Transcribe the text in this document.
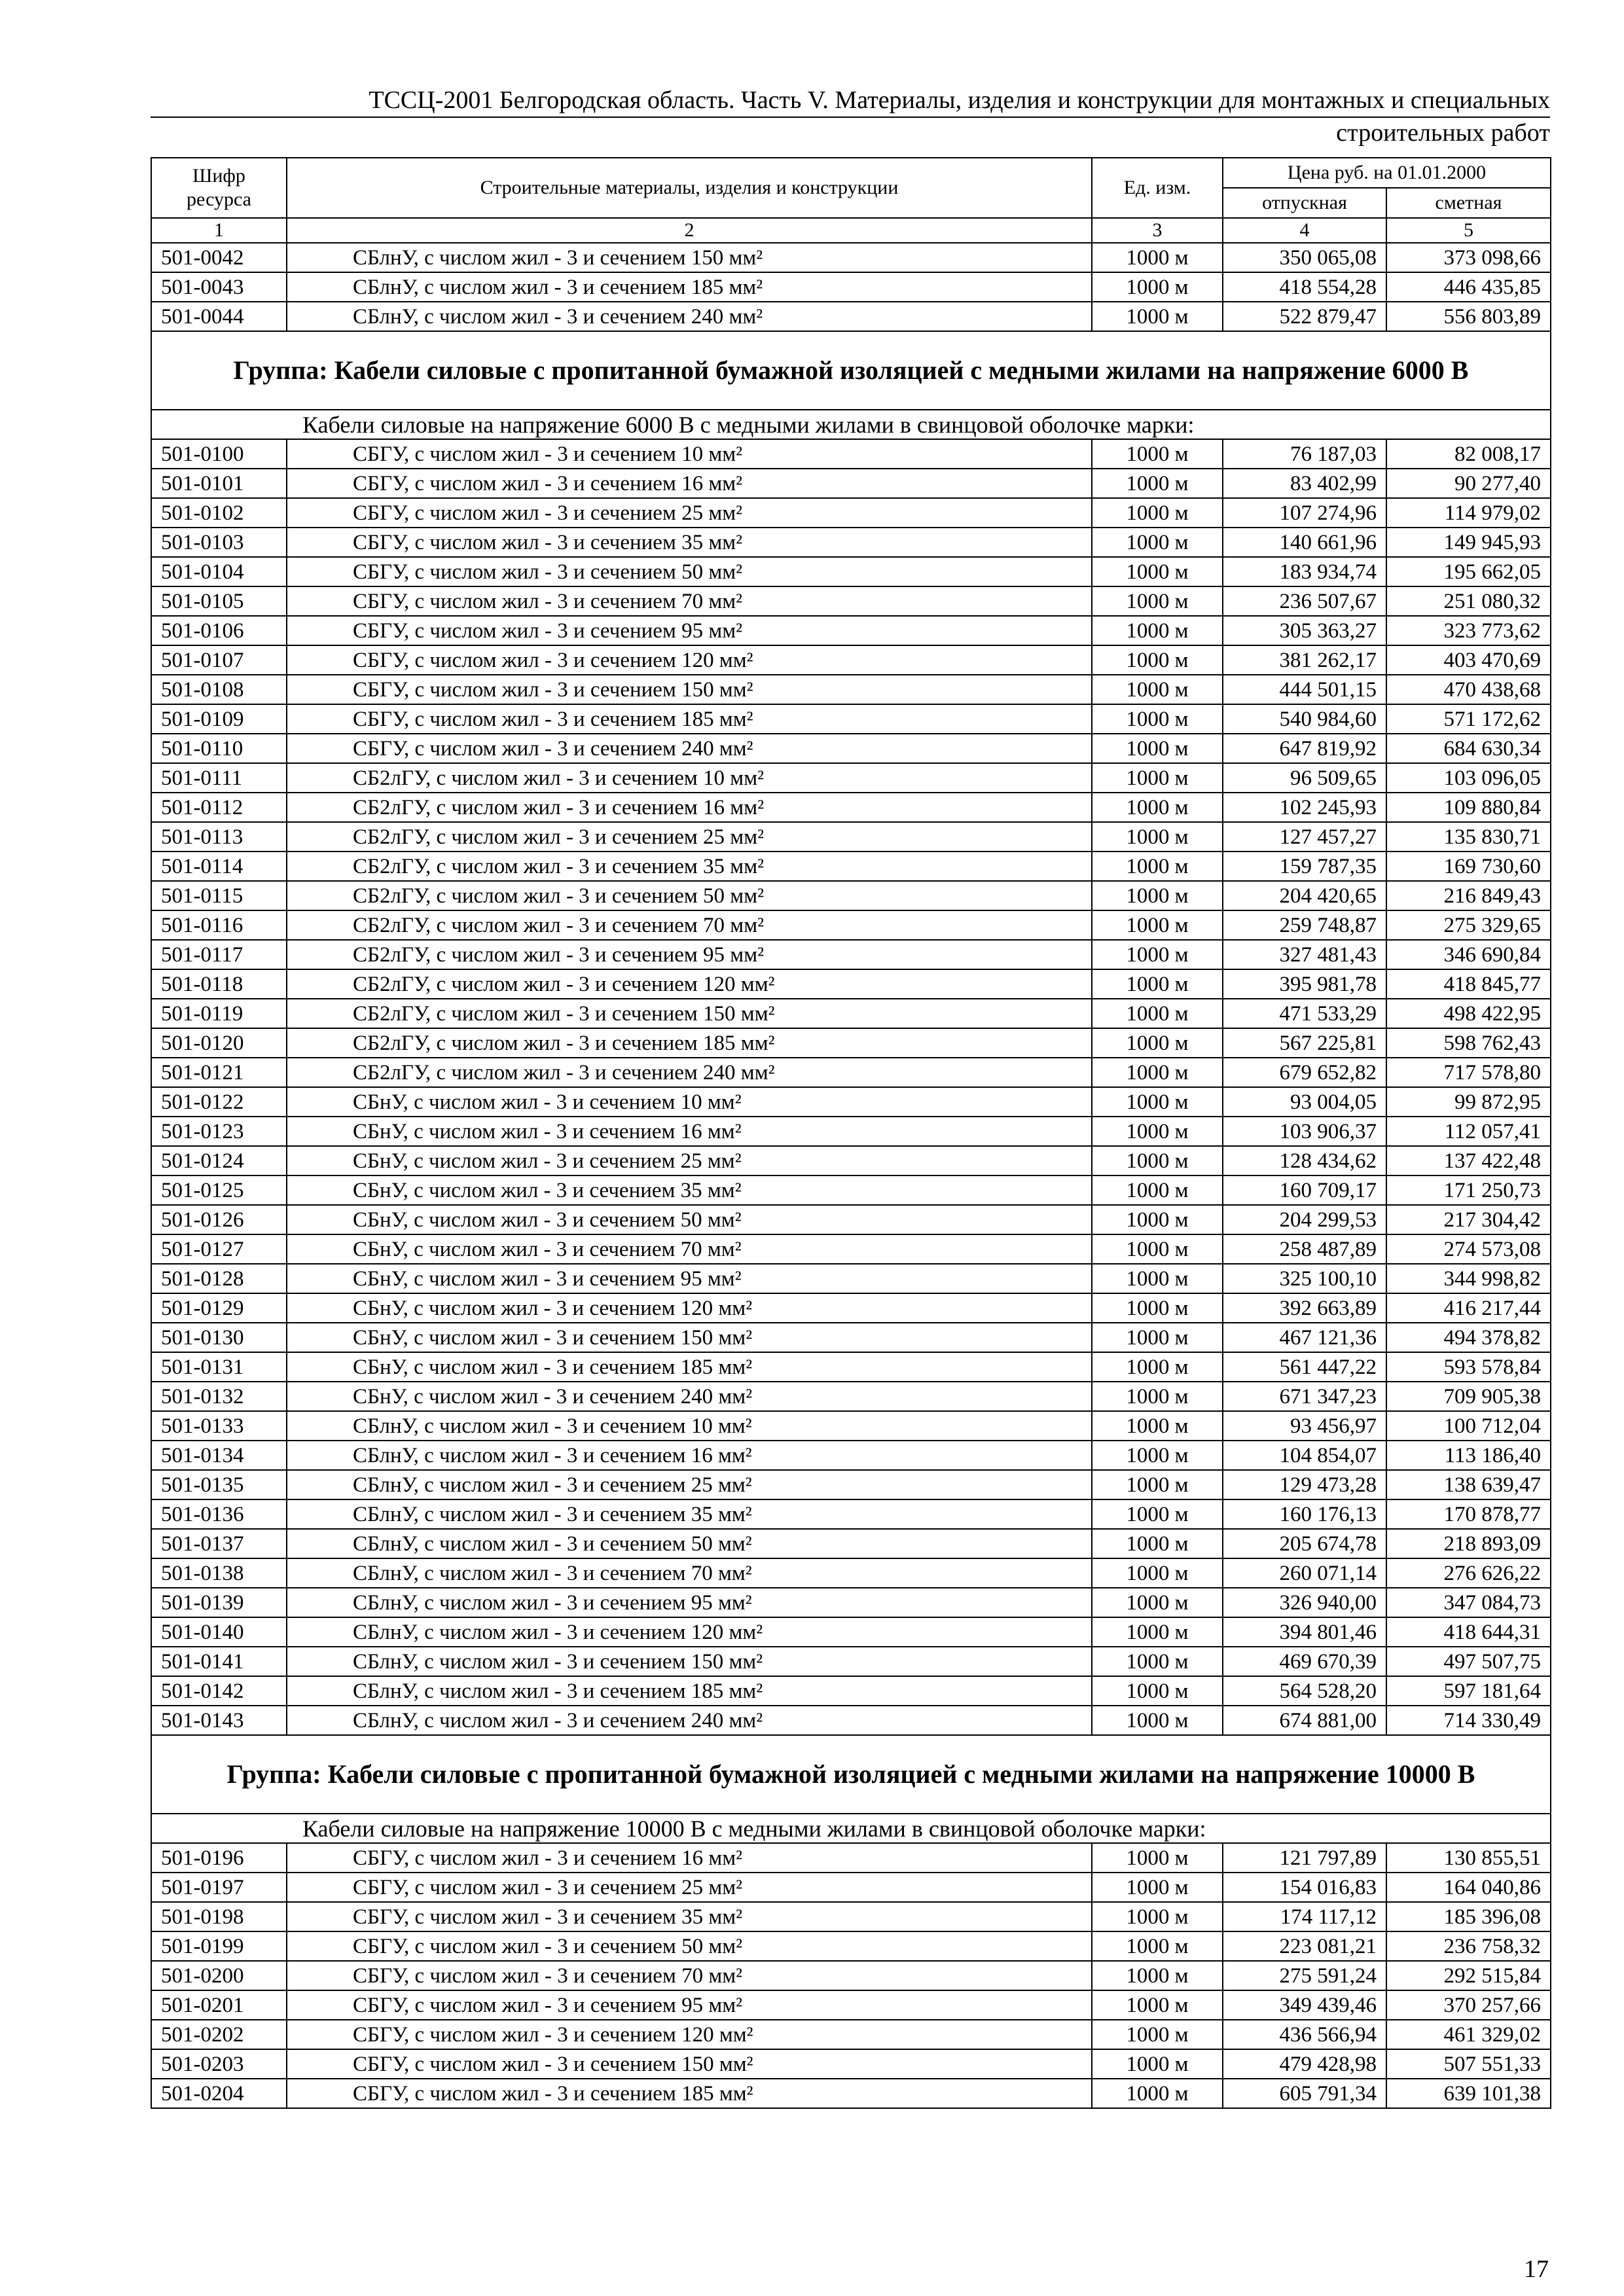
ТССЦ-2001 Белгородская область. Часть V. Материалы, изделия и конструкции для монтажных и специальных
строительных работ
Шифр ресурса	Строительные материалы, изделия и конструкции	Ед. изм.	Цена руб. на 01.01.2000	
			отпускная	сметная
1	2	3	4	5
501-0042	СБлнУ, с числом жил - 3 и сечением 150 мм²	1000 м	350 065,08	373 098,66
501-0043	СБлнУ, с числом жил - 3 и сечением 185 мм²	1000 м	418 554,28	446 435,85
501-0044	СБлнУ, с числом жил - 3 и сечением 240 мм²	1000 м	522 879,47	556 803,89
Группа: Кабели силовые с пропитанной бумажной изоляцией с медными жилами на напряжение 6000 В				
Кабели силовые на напряжение 6000 В с медными жилами в свинцовой оболочке марки:				
501-0100	СБГУ, с числом жил - 3 и сечением 10 мм²	1000 м	76 187,03	82 008,17
501-0101	СБГУ, с числом жил - 3 и сечением 16 мм²	1000 м	83 402,99	90 277,40
501-0102	СБГУ, с числом жил - 3 и сечением 25 мм²	1000 м	107 274,96	114 979,02
501-0103	СБГУ, с числом жил - 3 и сечением 35 мм²	1000 м	140 661,96	149 945,93
501-0104	СБГУ, с числом жил - 3 и сечением 50 мм²	1000 м	183 934,74	195 662,05
501-0105	СБГУ, с числом жил - 3 и сечением 70 мм²	1000 м	236 507,67	251 080,32
501-0106	СБГУ, с числом жил - 3 и сечением 95 мм²	1000 м	305 363,27	323 773,62
501-0107	СБГУ, с числом жил - 3 и сечением 120 мм²	1000 м	381 262,17	403 470,69
501-0108	СБГУ, с числом жил - 3 и сечением 150 мм²	1000 м	444 501,15	470 438,68
501-0109	СБГУ, с числом жил - 3 и сечением 185 мм²	1000 м	540 984,60	571 172,62
501-0110	СБГУ, с числом жил - 3 и сечением 240 мм²	1000 м	647 819,92	684 630,34
501-0111	СБ2лГУ, с числом жил - 3 и сечением 10 мм²	1000 м	96 509,65	103 096,05
501-0112	СБ2лГУ, с числом жил - 3 и сечением 16 мм²	1000 м	102 245,93	109 880,84
501-0113	СБ2лГУ, с числом жил - 3 и сечением 25 мм²	1000 м	127 457,27	135 830,71
501-0114	СБ2лГУ, с числом жил - 3 и сечением 35 мм²	1000 м	159 787,35	169 730,60
501-0115	СБ2лГУ, с числом жил - 3 и сечением 50 мм²	1000 м	204 420,65	216 849,43
501-0116	СБ2лГУ, с числом жил - 3 и сечением 70 мм²	1000 м	259 748,87	275 329,65
501-0117	СБ2лГУ, с числом жил - 3 и сечением 95 мм²	1000 м	327 481,43	346 690,84
501-0118	СБ2лГУ, с числом жил - 3 и сечением 120 мм²	1000 м	395 981,78	418 845,77
501-0119	СБ2лГУ, с числом жил - 3 и сечением 150 мм²	1000 м	471 533,29	498 422,95
501-0120	СБ2лГУ, с числом жил - 3 и сечением 185 мм²	1000 м	567 225,81	598 762,43
501-0121	СБ2лГУ, с числом жил - 3 и сечением 240 мм²	1000 м	679 652,82	717 578,80
501-0122	СБнУ, с числом жил - 3 и сечением 10 мм²	1000 м	93 004,05	99 872,95
501-0123	СБнУ, с числом жил - 3 и сечением 16 мм²	1000 м	103 906,37	112 057,41
501-0124	СБнУ, с числом жил - 3 и сечением 25 мм²	1000 м	128 434,62	137 422,48
501-0125	СБнУ, с числом жил - 3 и сечением 35 мм²	1000 м	160 709,17	171 250,73
501-0126	СБнУ, с числом жил - 3 и сечением 50 мм²	1000 м	204 299,53	217 304,42
501-0127	СБнУ, с числом жил - 3 и сечением 70 мм²	1000 м	258 487,89	274 573,08
501-0128	СБнУ, с числом жил - 3 и сечением 95 мм²	1000 м	325 100,10	344 998,82
501-0129	СБнУ, с числом жил - 3 и сечением 120 мм²	1000 м	392 663,89	416 217,44
501-0130	СБнУ, с числом жил - 3 и сечением 150 мм²	1000 м	467 121,36	494 378,82
501-0131	СБнУ, с числом жил - 3 и сечением 185 мм²	1000 м	561 447,22	593 578,84
501-0132	СБнУ, с числом жил - 3 и сечением 240 мм²	1000 м	671 347,23	709 905,38
501-0133	СБлнУ, с числом жил - 3 и сечением 10 мм²	1000 м	93 456,97	100 712,04
501-0134	СБлнУ, с числом жил - 3 и сечением 16 мм²	1000 м	104 854,07	113 186,40
501-0135	СБлнУ, с числом жил - 3 и сечением 25 мм²	1000 м	129 473,28	138 639,47
501-0136	СБлнУ, с числом жил - 3 и сечением 35 мм²	1000 м	160 176,13	170 878,77
501-0137	СБлнУ, с числом жил - 3 и сечением 50 мм²	1000 м	205 674,78	218 893,09
501-0138	СБлнУ, с числом жил - 3 и сечением 70 мм²	1000 м	260 071,14	276 626,22
501-0139	СБлнУ, с числом жил - 3 и сечением 95 мм²	1000 м	326 940,00	347 084,73
501-0140	СБлнУ, с числом жил - 3 и сечением 120 мм²	1000 м	394 801,46	418 644,31
501-0141	СБлнУ, с числом жил - 3 и сечением 150 мм²	1000 м	469 670,39	497 507,75
501-0142	СБлнУ, с числом жил - 3 и сечением 185 мм²	1000 м	564 528,20	597 181,64
501-0143	СБлнУ, с числом жил - 3 и сечением 240 мм²	1000 м	674 881,00	714 330,49
Группа: Кабели силовые с пропитанной бумажной изоляцией с медными жилами на напряжение 10000 В				
Кабели силовые на напряжение 10000 В с медными жилами в свинцовой оболочке марки:				
501-0196	СБГУ, с числом жил - 3 и сечением 16 мм²	1000 м	121 797,89	130 855,51
501-0197	СБГУ, с числом жил - 3 и сечением 25 мм²	1000 м	154 016,83	164 040,86
501-0198	СБГУ, с числом жил - 3 и сечением 35 мм²	1000 м	174 117,12	185 396,08
501-0199	СБГУ, с числом жил - 3 и сечением 50 мм²	1000 м	223 081,21	236 758,32
501-0200	СБГУ, с числом жил - 3 и сечением 70 мм²	1000 м	275 591,24	292 515,84
501-0201	СБГУ, с числом жил - 3 и сечением 95 мм²	1000 м	349 439,46	370 257,66
501-0202	СБГУ, с числом жил - 3 и сечением 120 мм²	1000 м	436 566,94	461 329,02
501-0203	СБГУ, с числом жил - 3 и сечением 150 мм²	1000 м	479 428,98	507 551,33
501-0204	СБГУ, с числом жил - 3 и сечением 185 мм²	1000 м	605 791,34	639 101,38
17
